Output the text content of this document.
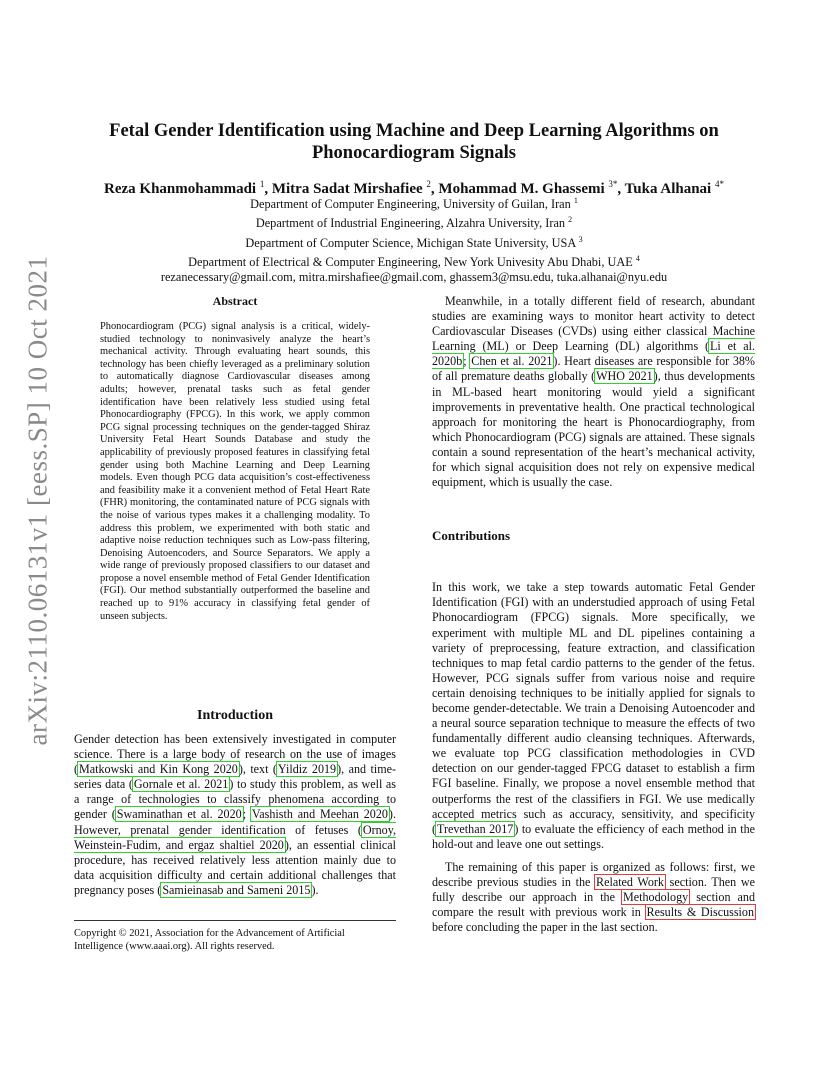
arXiv:2110.06131v1 [eess.SP] 10 Oct 2021
Fetal Gender Identification using Machine and Deep Learning Algorithms on Phonocardiogram Signals
Reza Khanmohammadi $^1$, Mitra Sadat Mirshafiee $^2$, Mohammad M. Ghassemi $^{3*}$, Tuka Alhanai $^{4*}$
Department of Computer Engineering, University of Guilan, Iran $^1$
Department of Industrial Engineering, Alzahra University, Iran $^2$
Department of Computer Science, Michigan State University, USA $^3$
Department of Electrical & Computer Engineering, New York Univesity Abu Dhabi, UAE $^4$
rezanecessary@gmail.com, mitra.mirshafiee@gmail.com, ghassem3@msu.edu, tuka.alhanai@nyu.edu
Abstract

Phonocardiogram (PCG) signal analysis is a critical, widely-studied technology to noninvasively analyze the heart’s mechanical activity. Through evaluating heart sounds, this technology has been chiefly leveraged as a preliminary solution to automatically diagnose Cardiovascular diseases among adults; however, prenatal tasks such as fetal gender identification have been relatively less studied using fetal Phonocardiography (FPCG). In this work, we apply common PCG signal processing techniques on the gender-tagged Shiraz University Fetal Heart Sounds Database and study the applicability of previously proposed features in classifying fetal gender using both Machine Learning and Deep Learning models. Even though PCG data acquisition’s cost-effectiveness and feasibility make it a convenient method of Fetal Heart Rate (FHR) monitoring, the contaminated nature of PCG signals with the noise of various types makes it a challenging modality. To address this problem, we experimented with both static and adaptive noise reduction techniques such as Low-pass filtering, Denoising Autoencoders, and Source Separators. We apply a wide range of previously proposed classifiers to our dataset and propose a novel ensemble method of Fetal Gender Identification (FGI). Our method substantially outperformed the baseline and reached up to 91% accuracy in classifying fetal gender of unseen subjects.

Introduction

Gender detection has been extensively investigated in computer science. There is a large body of research on the use of images (Matkowski and Kin Kong 2020), text (Yildiz 2019), and time-series data (Gornale et al. 2021) to study this problem, as well as a range of technologies to classify phenomena according to gender (Swaminathan et al. 2020; Vashisth and Meehan 2020). However, prenatal gender identification of fetuses (Ornoy, Weinstein-Fudim, and ergaz shaltiel 2020), an essential clinical procedure, has received relatively less attention mainly due to data acquisition difficulty and certain additional challenges that pregnancy poses (Samieinasab and Sameni 2015).

Copyright © 2021, Association for the Advancement of Artificial Intelligence (www.aaai.org). All rights reserved.

Meanwhile, in a totally different field of research, abundant studies are examining ways to monitor heart activity to detect Cardiovascular Diseases (CVDs) using either classical Machine Learning (ML) or Deep Learning (DL) algorithms (Li et al. 2020b; Chen et al. 2021). Heart diseases are responsible for 38% of all premature deaths globally (WHO 2021), thus developments in ML-based heart monitoring would yield a significant improvements in preventative health. One practical technological approach for monitoring the heart is Phonocardiography, from which Phonocardiogram (PCG) signals are attained. These signals contain a sound representation of the heart’s mechanical activity, for which signal acquisition does not rely on expensive medical equipment, which is usually the case.

Contributions

In this work, we take a step towards automatic Fetal Gender Identification (FGI) with an understudied approach of using Fetal Phonocardiogram (FPCG) signals. More specifically, we experiment with multiple ML and DL pipelines containing a variety of preprocessing, feature extraction, and classification techniques to map fetal cardio patterns to the gender of the fetus. However, PCG signals suffer from various noise and require certain denoising techniques to be initially applied for signals to become gender-detectable. We train a Denoising Autoencoder and a neural source separation technique to measure the effects of two fundamentally different audio cleansing techniques. Afterwards, we evaluate top PCG classification methodologies in CVD detection on our gender-tagged FPCG dataset to establish a firm FGI baseline. Finally, we propose a novel ensemble method that outperforms the rest of the classifiers in FGI. We use medically accepted metrics such as accuracy, sensitivity, and specificity (Trevethan 2017) to evaluate the efficiency of each method in the hold-out and leave one out settings.

The remaining of this paper is organized as follows: first, we describe previous studies in the Related Work section. Then we fully describe our approach in the Methodology section and compare the result with previous work in Results & Discussion before concluding the paper in the last section.
